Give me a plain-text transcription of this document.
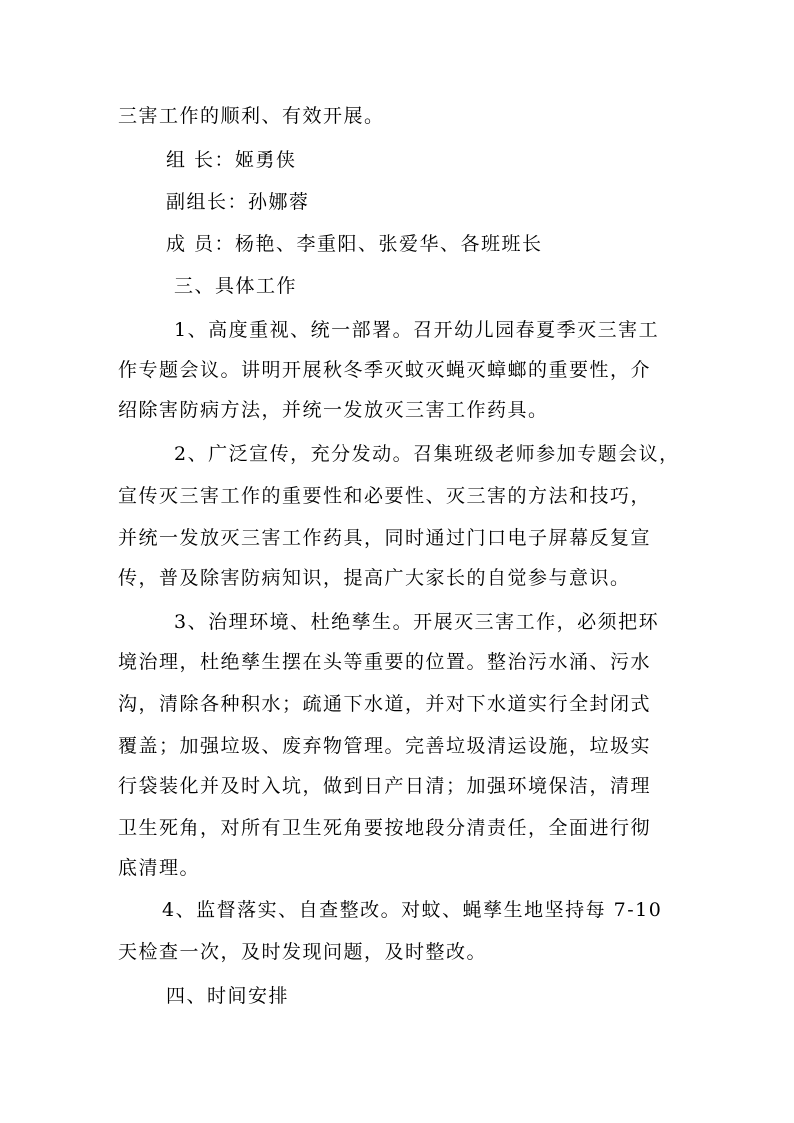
三害工作的顺利、有效开展。
组 长：姬勇侠
副组长：孙娜蓉
成 员：杨艳、李重阳、张爱华、各班班长
三、具体工作
1、高度重视、统一部署。召开幼儿园春夏季灭三害工
作专题会议。讲明开展秋冬季灭蚊灭蝇灭蟑螂的重要性，介
绍除害防病方法，并统一发放灭三害工作药具。
2、广泛宣传，充分发动。召集班级老师参加专题会议，
宣传灭三害工作的重要性和必要性、灭三害的方法和技巧，
并统一发放灭三害工作药具，同时通过门口电子屏幕反复宣
传，普及除害防病知识，提高广大家长的自觉参与意识。
3、治理环境、杜绝孳生。开展灭三害工作，必须把环
境治理，杜绝孳生摆在头等重要的位置。整治污水涌、污水
沟，清除各种积水；疏通下水道，并对下水道实行全封闭式
覆盖；加强垃圾、废弃物管理。完善垃圾清运设施，垃圾实
行袋装化并及时入坑，做到日产日清；加强环境保洁，清理
卫生死角，对所有卫生死角要按地段分清责任，全面进行彻
底清理。
4、监督落实、自查整改。对蚊、蝇孳生地坚持每 7-10
天检查一次，及时发现问题，及时整改。
四、时间安排
